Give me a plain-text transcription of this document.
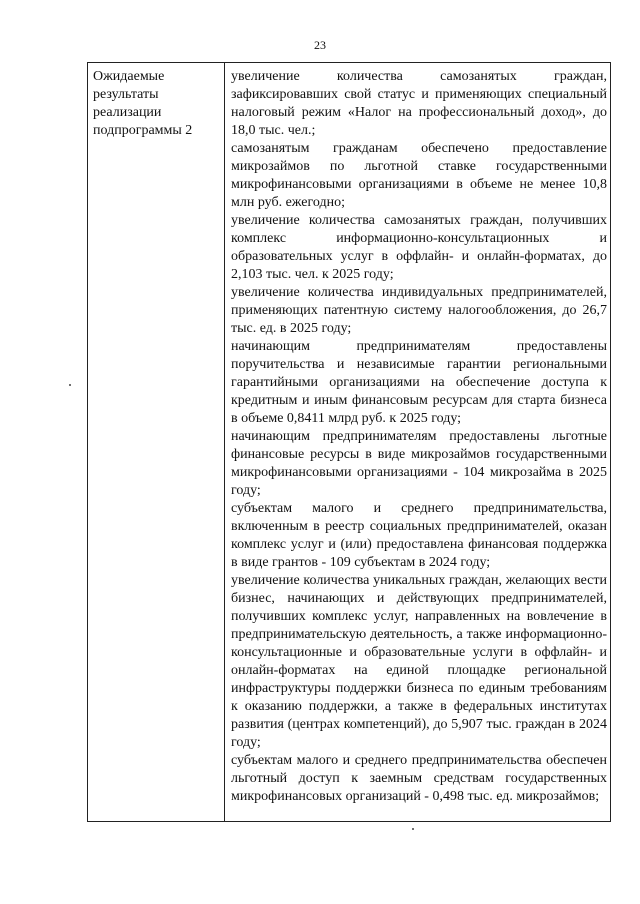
23
Ожидаемые результаты реализации подпрограммы 2

увеличение количества самозанятых граждан, зафиксировавших свой статус и применяющих специальный налоговый режим «Налог на профессиональный доход», до 18,0 тыс. чел.;

самозанятым гражданам обеспечено предоставление микрозаймов по льготной ставке государственными микрофинансовыми организациями в объеме не менее 10,8 млн руб. ежегодно;

увеличение количества самозанятых граждан, получивших комплекс информационно-консультационных и образовательных услуг в оффлайн- и онлайн-форматах, до 2,103 тыс. чел. к 2025 году;

увеличение количества индивидуальных предпринимателей, применяющих патентную систему налогообложения, до 26,7 тыс. ед. в 2025 году;

начинающим предпринимателям предоставлены поручительства и независимые гарантии региональными гарантийными организациями на обеспечение доступа к кредитным и иным финансовым ресурсам для старта бизнеса в объеме 0,8411 млрд руб. к 2025 году;

начинающим предпринимателям предоставлены льготные финансовые ресурсы в виде микрозаймов государственными микрофинансовыми организациями - 104 микрозайма в 2025 году;

субъектам малого и среднего предпринимательства, включенным в реестр социальных предпринимателей, оказан комплекс услуг и (или) предоставлена финансовая поддержка в виде грантов - 109 субъектам в 2024 году;

увеличение количества уникальных граждан, желающих вести бизнес, начинающих и действующих предпринимателей, получивших комплекс услуг, направленных на вовлечение в предпринимательскую деятельность, а также информационно-консультационные и образовательные услуги в оффлайн- и онлайн-форматах на единой площадке региональной инфраструктуры поддержки бизнеса по единым требованиям к оказанию поддержки, а также в федеральных институтах развития (центрах компетенций), до 5,907 тыс. граждан в 2024 году;

субъектам малого и среднего предпринимательства обеспечен льготный доступ к заемным средствам государственных микрофинансовых организаций - 0,498 тыс. ед. микрозаймов;
